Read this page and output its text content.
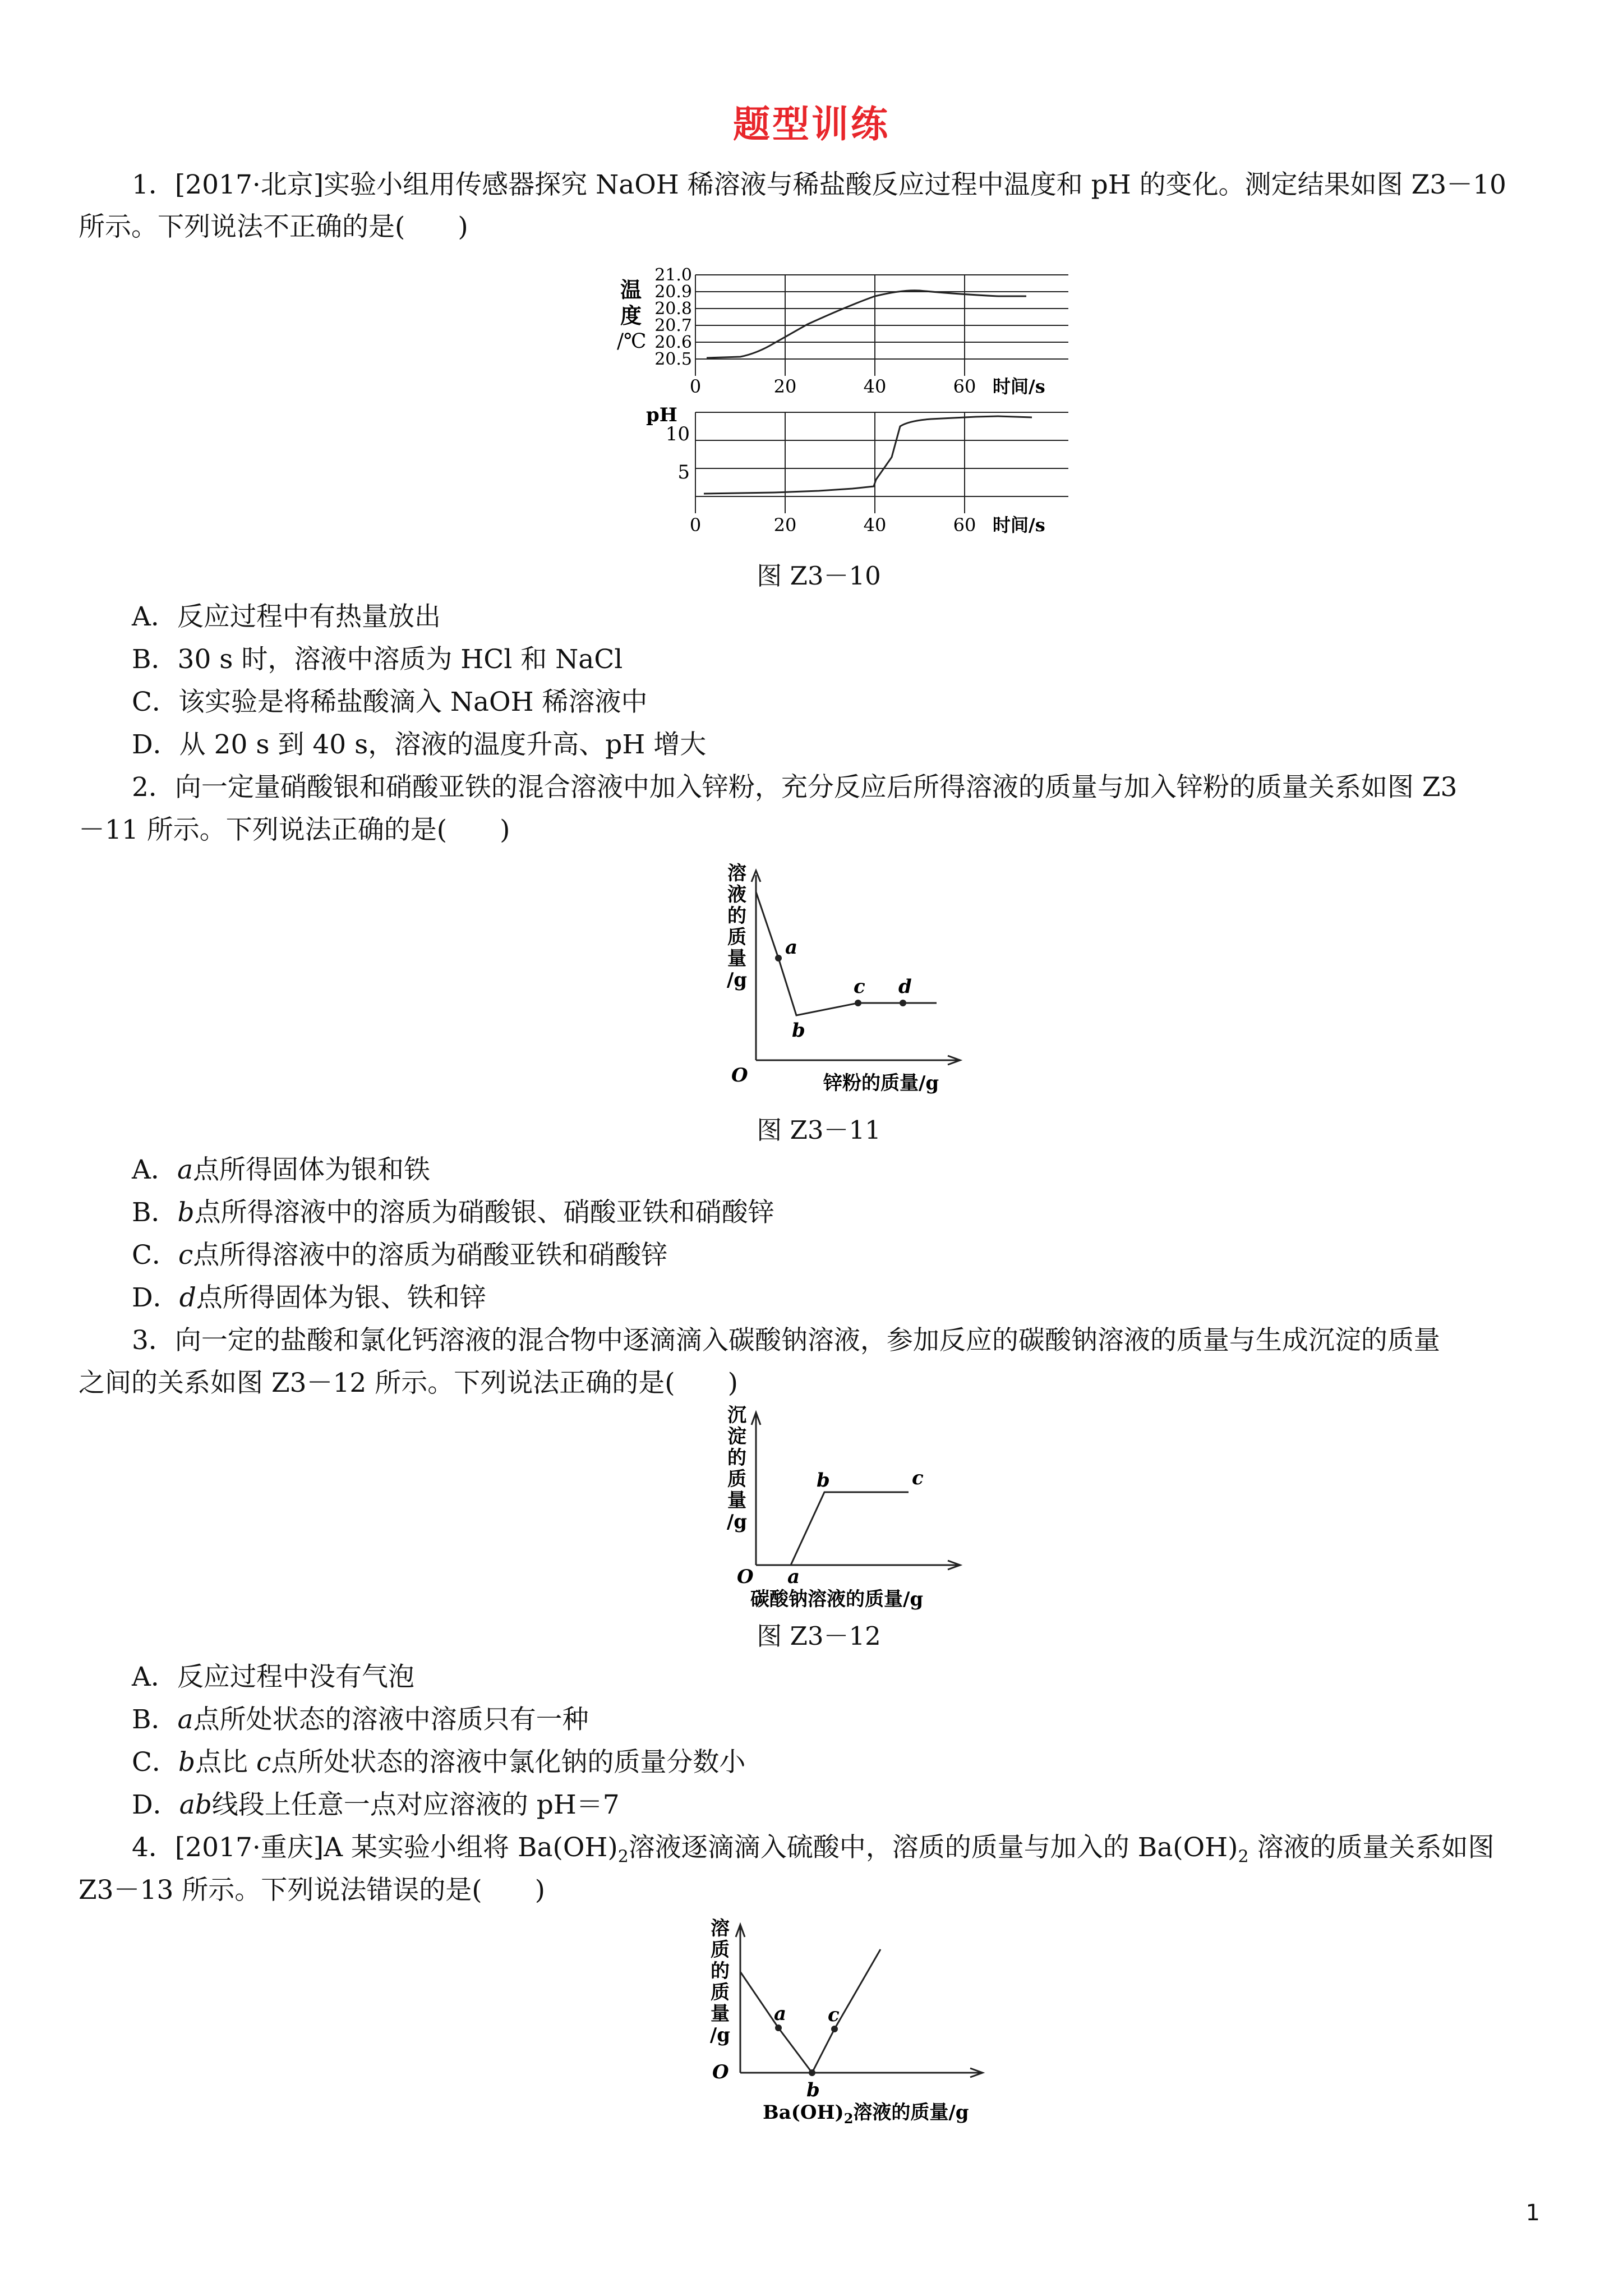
题型训练
1．[2017·北京]实验小组用传感器探究 NaOH 稀溶液与稀盐酸反应过程中温度和 pH 的变化。测定结果如图 Z3－10
所示。下列说法不正确的是(　　)
温
度
/℃
21.0
20.9
20.8
20.7
20.6
20.5
0	20	40	60 时间/s
pH
10
5
0	20	40	60 时间/s
图 Z3－10
A．反应过程中有热量放出
B．30 s 时，溶液中溶质为 HCl 和 NaCl
C．该实验是将稀盐酸滴入 NaOH 稀溶液中
D．从 20 s 到 40 s，溶液的温度升高、pH 增大
2．向一定量硝酸银和硝酸亚铁的混合溶液中加入锌粉，充分反应后所得溶液的质量与加入锌粉的质量关系如图 Z3
－11 所示。下列说法正确的是(　　)
溶
液
的
质
量
/g
O
a
b
c d
锌粉的质量/g
图 Z3－11
A．a点所得固体为银和铁
B．b点所得溶液中的溶质为硝酸银、硝酸亚铁和硝酸锌
C．c点所得溶液中的溶质为硝酸亚铁和硝酸锌
D．d点所得固体为银、铁和锌
3．向一定的盐酸和氯化钙溶液的混合物中逐滴滴入碳酸钠溶液，参加反应的碳酸钠溶液的质量与生成沉淀的质量
之间的关系如图 Z3－12 所示。下列说法正确的是(　　)
沉
淀
的
质
量
/g
O a
b	c
碳酸钠溶液的质量/g
图 Z3－12
A．反应过程中没有气泡
B．a点所处状态的溶液中溶质只有一种
C．b点比 c点所处状态的溶液中氯化钠的质量分数小
D．ab线段上任意一点对应溶液的 pH＝7
4．[2017·重庆]A 某实验小组将 $Ba(OH)_2$溶液逐滴滴入硫酸中，溶质的质量与加入的 $Ba(OH)_2$ 溶液的质量关系如图
Z3－13 所示。下列说法错误的是(　　)
溶
质
的
质
量
/g
O
a
b
c
$Ba(OH)_2$溶液的质量/g
1
